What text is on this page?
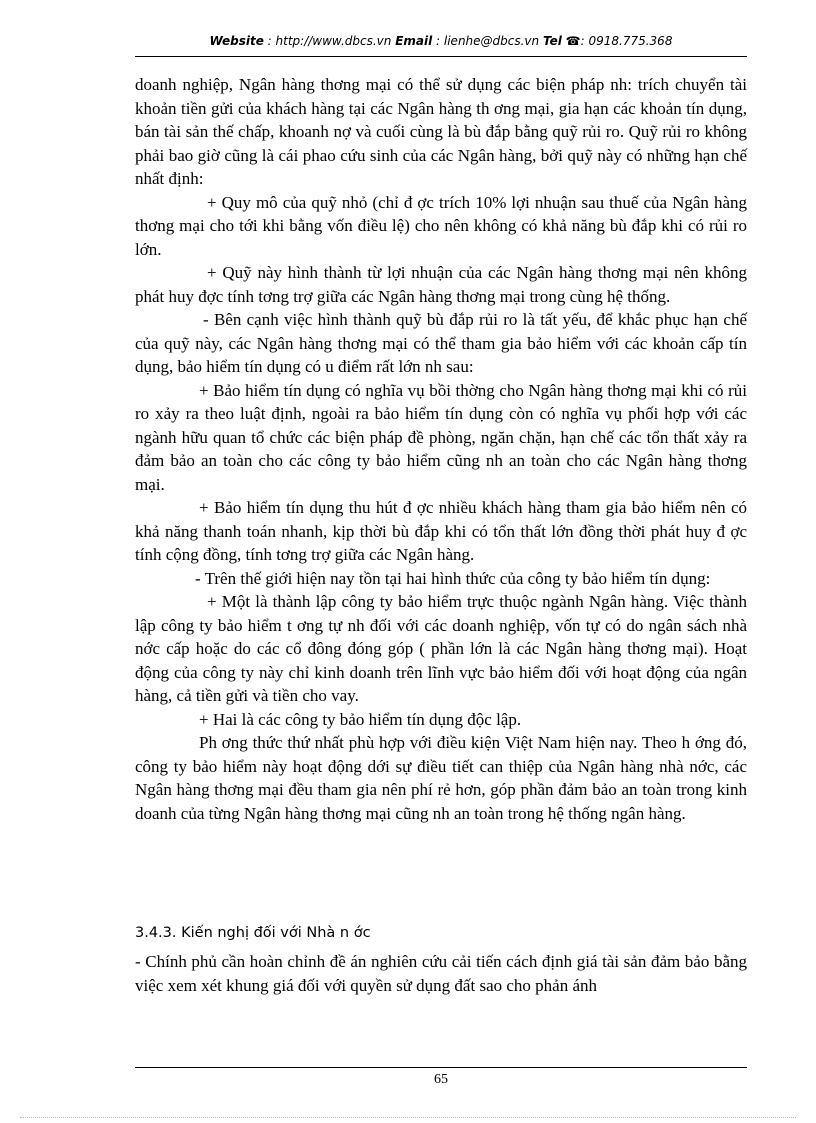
Website : http://www.dbcs.vn Email : lienhe@dbcs.vn Tel ☎: 0918.775.368

doanh nghiệp, Ngân hàng thơng mại có thể sử dụng các biện pháp nh: trích chuyển tài khoản tiền gửi của khách hàng tại các Ngân hàng th ơng mại, gia hạn các khoản tín dụng, bán tài sản thế chấp, khoanh nợ và cuối cùng là bù đắp bằng quỹ rủi ro. Quỹ rủi ro không phải bao giờ cũng là cái phao cứu sinh của các Ngân hàng, bởi quỹ này có những hạn chế nhất định:

+ Quy mô của quỹ nhỏ (chỉ đ ợc trích 10% lợi nhuận sau thuế của Ngân hàng thơng mại cho tới khi bằng vốn điều lệ) cho nên không có khả năng bù đắp khi có rủi ro lớn.

+ Quỹ này hình thành từ lợi nhuận của các Ngân hàng thơng mại nên không phát huy đợc tính tơng trợ giữa các Ngân hàng thơng mại trong cùng hệ thống.

- Bên cạnh việc hình thành quỹ bù đắp rủi ro là tất yếu, để khắc phục hạn chế của quỹ này, các Ngân hàng thơng mại có thể tham gia bảo hiểm với các khoản cấp tín dụng, bảo hiểm tín dụng có u điểm rất lớn nh sau:

+ Bảo hiểm tín dụng có nghĩa vụ bồi thờng cho Ngân hàng thơng mại khi có rủi ro xảy ra theo luật định, ngoài ra bảo hiểm tín dụng còn có nghĩa vụ phối hợp với các ngành hữu quan tổ chức các biện pháp đề phòng, ngăn chặn, hạn chế các tổn thất xảy ra đảm bảo an toàn cho các công ty bảo hiểm cũng nh an toàn cho các Ngân hàng thơng mại.

+ Bảo hiểm tín dụng thu hút đ ợc nhiều khách hàng tham gia bảo hiểm nên có khả năng thanh toán nhanh, kịp thời bù đắp khi có tổn thất lớn đồng thời phát huy đ ợc tính cộng đồng, tính tơng trợ giữa các Ngân hàng.

- Trên thế giới hiện nay tồn tại hai hình thức của công ty bảo hiểm tín dụng:

+ Một là thành lập công ty bảo hiểm trực thuộc ngành Ngân hàng. Việc thành lập công ty bảo hiểm t ơng tự nh đối với các doanh nghiệp, vốn tự có do ngân sách nhà nớc cấp hoặc do các cổ đông đóng góp ( phần lớn là các Ngân hàng thơng mại). Hoạt động của công ty này chỉ kinh doanh trên lĩnh vực bảo hiểm đối với hoạt động của ngân hàng, cả tiền gửi và tiền cho vay.

+ Hai là các công ty bảo hiểm tín dụng độc lập.

Ph ơng thức thứ nhất phù hợp với điều kiện Việt Nam hiện nay. Theo h ớng đó, công ty bảo hiểm này hoạt động dới sự điều tiết can thiệp của Ngân hàng nhà nớc, các Ngân hàng thơng mại đều tham gia nên phí rẻ hơn, góp phần đảm bảo an toàn trong kinh doanh của từng Ngân hàng thơng mại cũng nh an toàn trong hệ thống ngân hàng.

3.4.3. Kiến nghị đối với Nhà n ớc

- Chính phủ cần hoàn chỉnh đề án nghiên cứu cải tiến cách định giá tài sản đảm bảo bằng việc xem xét khung giá đối với quyền sử dụng đất sao cho phản ánh

65
